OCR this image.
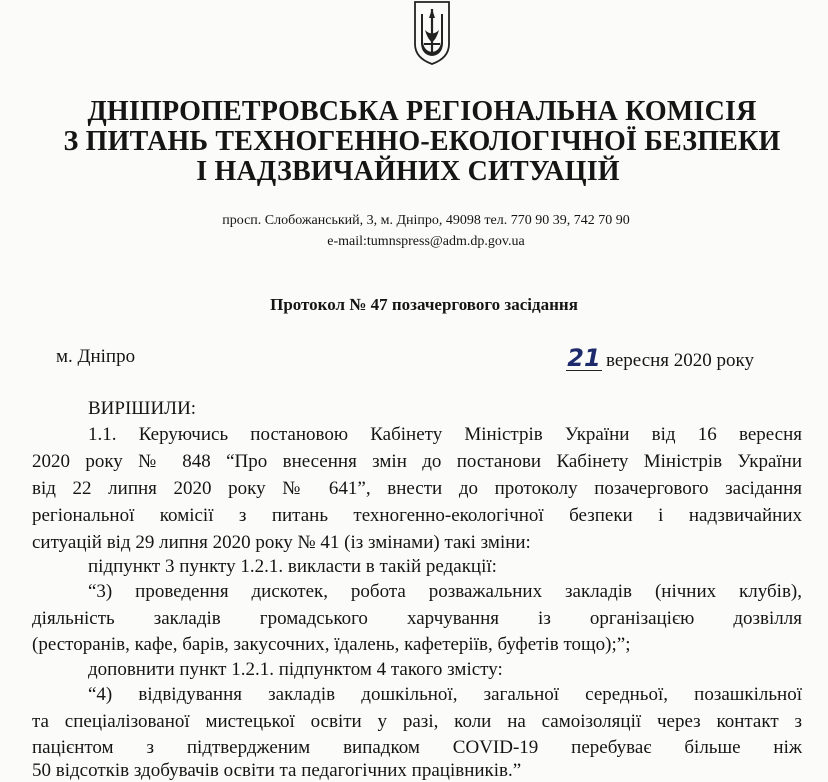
ДНІПРОПЕТРОВСЬКА РЕГІОНАЛЬНА КОМІСІЯ
З ПИТАНЬ ТЕХНОГЕННО-ЕКОЛОГІЧНОЇ БЕЗПЕКИ
І НАДЗВИЧАЙНИХ СИТУАЦІЙ
просп. Слобожанський, 3, м. Дніпро, 49098 тел. 770 90 39, 742 70 90
e-mail:tumnspress@adm.dp.gov.ua
Протокол № 47 позачергового засідання
м. Дніпро	21 вересня 2020 року
ВИРІШИЛИ:
1.1. Керуючись постановою Кабінету Міністрів України від 16 вересня
2020 року № 848 “Про внесення змін до постанови Кабінету Міністрів України
від 22 липня 2020 року № 641”, внести до протоколу позачергового засідання
регіональної комісії з питань техногенно-екологічної безпеки і надзвичайних
ситуацій від 29 липня 2020 року № 41 (із змінами) такі зміни:
підпункт 3 пункту 1.2.1. викласти в такій редакції:
“3) проведення дискотек, робота розважальних закладів (нічних клубів),
діяльність закладів громадського харчування із організацією дозвілля
(ресторанів, кафе, барів, закусочних, їдалень, кафетеріїв, буфетів тощо);”;
доповнити пункт 1.2.1. підпунктом 4 такого змісту:
“4) відвідування закладів дошкільної, загальної середньої, позашкільної
та спеціалізованої мистецької освіти у разі, коли на самоізоляції через контакт з
пацієнтом з підтвердженим випадком COVID-19 перебуває більше ніж
50 відсотків здобувачів освіти та педагогічних працівників.”
